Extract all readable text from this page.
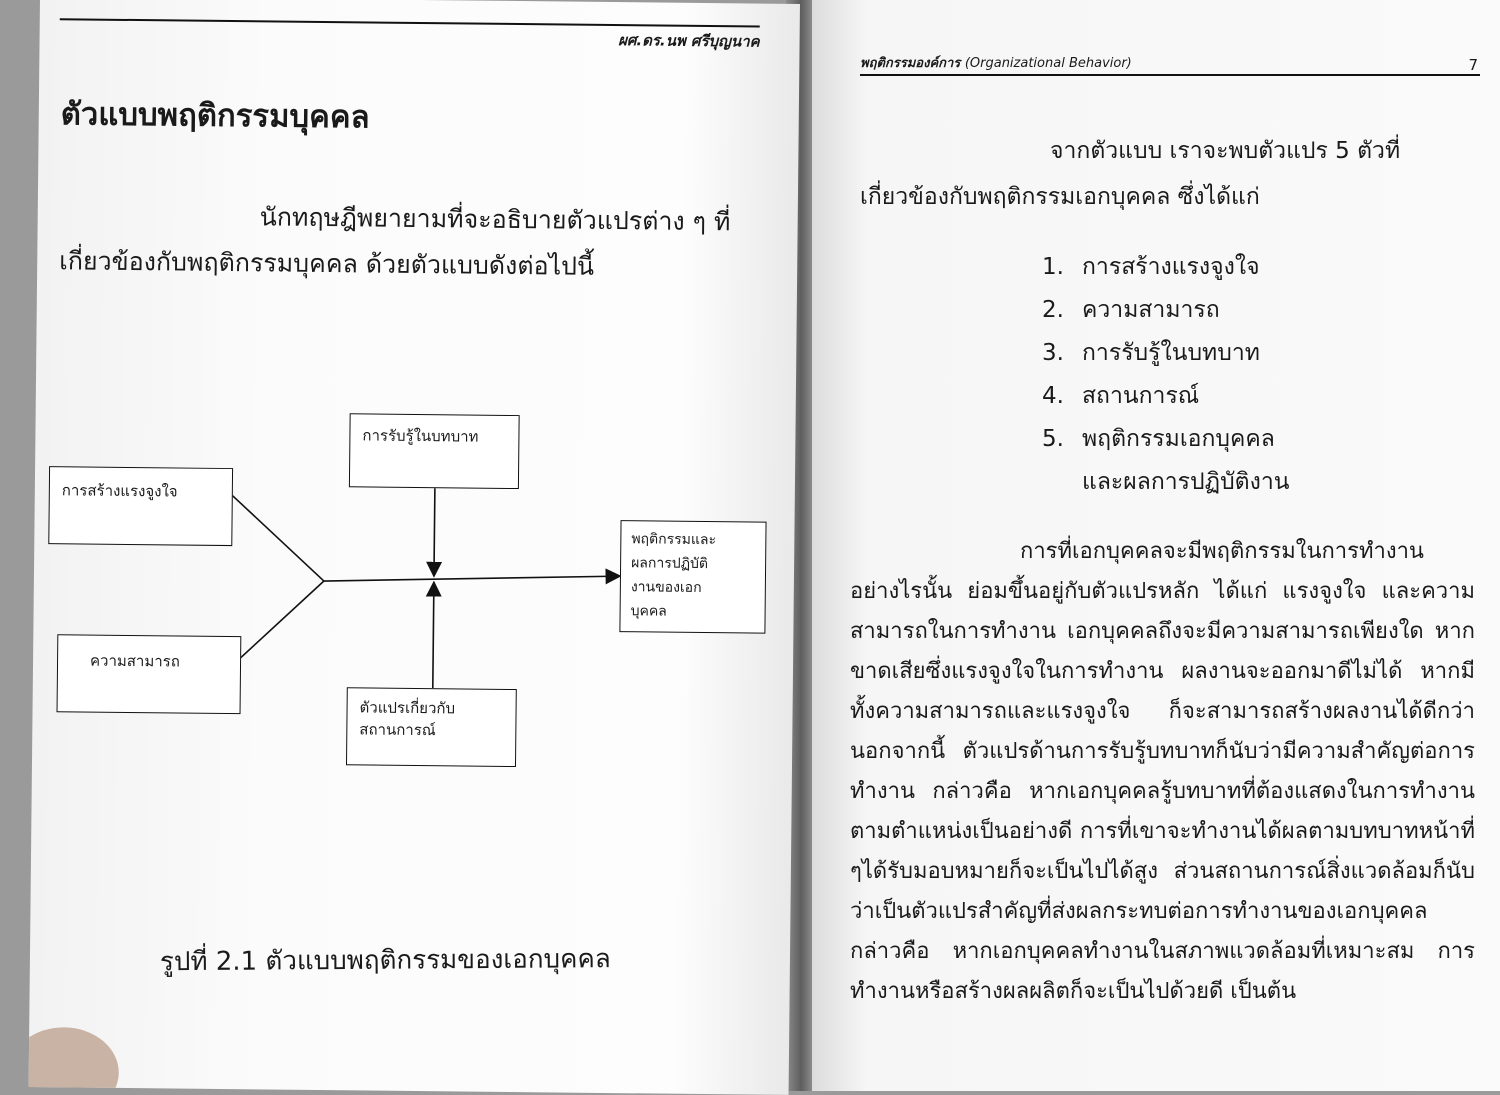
ผศ.ดร.นพ ศรีบุญนาค
ตัวแบบพฤติกรรมบุคคล

นักทฤษฎีพยายามที่จะอธิบายตัวแปรต่าง ๆ ที่เกี่ยวข้องกับพฤติกรรมบุคคล ด้วยตัวแบบดังต่อไปนี้

การสร้างแรงจูงใจ
ความสามารถ
การรับรู้ในบทบาท
ตัวแปรเกี่ยวกับ
สถานการณ์
พฤติกรรมและ
ผลการปฏิบัติ
งานของเอก
บุคคล

รูปที่ 2.1 ตัวแบบพฤติกรรมของเอกบุคคล

พฤติกรรมองค์การ (Organizational Behavior)	7

จากตัวแบบ เราจะพบตัวแปร 5 ตัวที่เกี่ยวข้องกับพฤติกรรมเอกบุคคล ซึ่งได้แก่

1. การสร้างแรงจูงใจ
2. ความสามารถ
3. การรับรู้ในบทบาท
4. สถานการณ์
5. พฤติกรรมเอกบุคคล และผลการปฏิบัติงาน

การที่เอกบุคคลจะมีพฤติกรรมในการทำงานอย่างไรนั้น ย่อมขึ้นอยู่กับตัวแปรหลัก ได้แก่ แรงจูงใจ และความสามารถในการทำงาน เอกบุคคลถึงจะมีความสามารถเพียงใด หากขาดเสียซึ่งแรงจูงใจในการทำงาน ผลงานจะออกมาดีไม่ได้ หากมีทั้งความสามารถและแรงจูงใจ ก็จะสามารถสร้างผลงานได้ดีกว่า นอกจากนี้ ตัวแปรด้านการรับรู้บทบาทก็นับว่ามีความสำคัญต่อการทำงาน กล่าวคือ หากเอกบุคคลรู้บทบาทที่ต้องแสดงในการทำงานตามตำแหน่งเป็นอย่างดี การที่เขาจะทำงานได้ผลตามบทบาทหน้าที่ ๆได้รับมอบหมายก็จะเป็นไปได้สูง ส่วนสถานการณ์สิ่งแวดล้อมก็นับว่าเป็นตัวแปรสำคัญที่ส่งผลกระทบต่อการทำงานของเอกบุคคล กล่าวคือ หากเอกบุคคลทำงานในสภาพแวดล้อมที่เหมาะสม การทำงานหรือสร้างผลผลิตก็จะเป็นไปด้วยดี เป็นต้น
